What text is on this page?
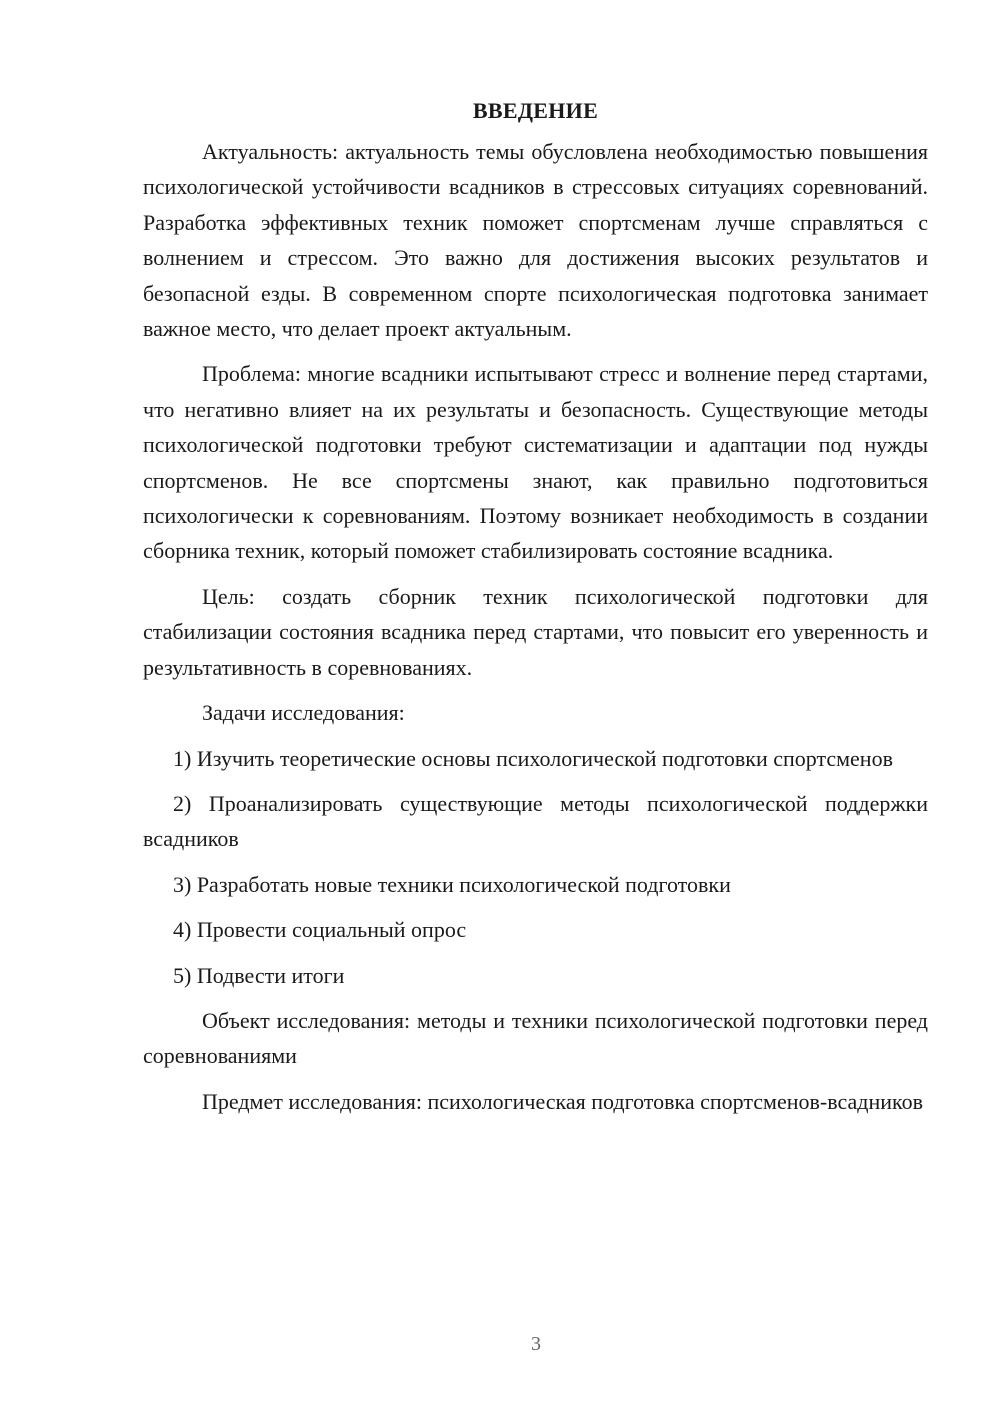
ВВЕДЕНИЕ

Актуальность: актуальность темы обусловлена необходимостью повышения психологической устойчивости всадников в стрессовых ситуациях соревнований. Разработка эффективных техник поможет спортсменам лучше справляться с волнением и стрессом. Это важно для достижения высоких результатов и безопасной езды. В современном спорте психологическая подготовка занимает важное место, что делает проект актуальным.

Проблема: многие всадники испытывают стресс и волнение перед стартами, что негативно влияет на их результаты и безопасность. Существующие методы психологической подготовки требуют систематизации и адаптации под нужды спортсменов. Не все спортсмены знают, как правильно подготовиться психологически к соревнованиям. Поэтому возникает необходимость в создании сборника техник, который поможет стабилизировать состояние всадника.

Цель: создать сборник техник психологической подготовки для стабилизации состояния всадника перед стартами, что повысит его уверенность и результативность в соревнованиях.

Задачи исследования:

1) Изучить теоретические основы психологической подготовки спортсменов

2) Проанализировать существующие методы психологической поддержки всадников

3) Разработать новые техники психологической подготовки

4) Провести социальный опрос

5) Подвести итоги

Объект исследования: методы и техники психологической подготовки перед соревнованиями

Предмет исследования: психологическая подготовка спортсменов-всадников

3
